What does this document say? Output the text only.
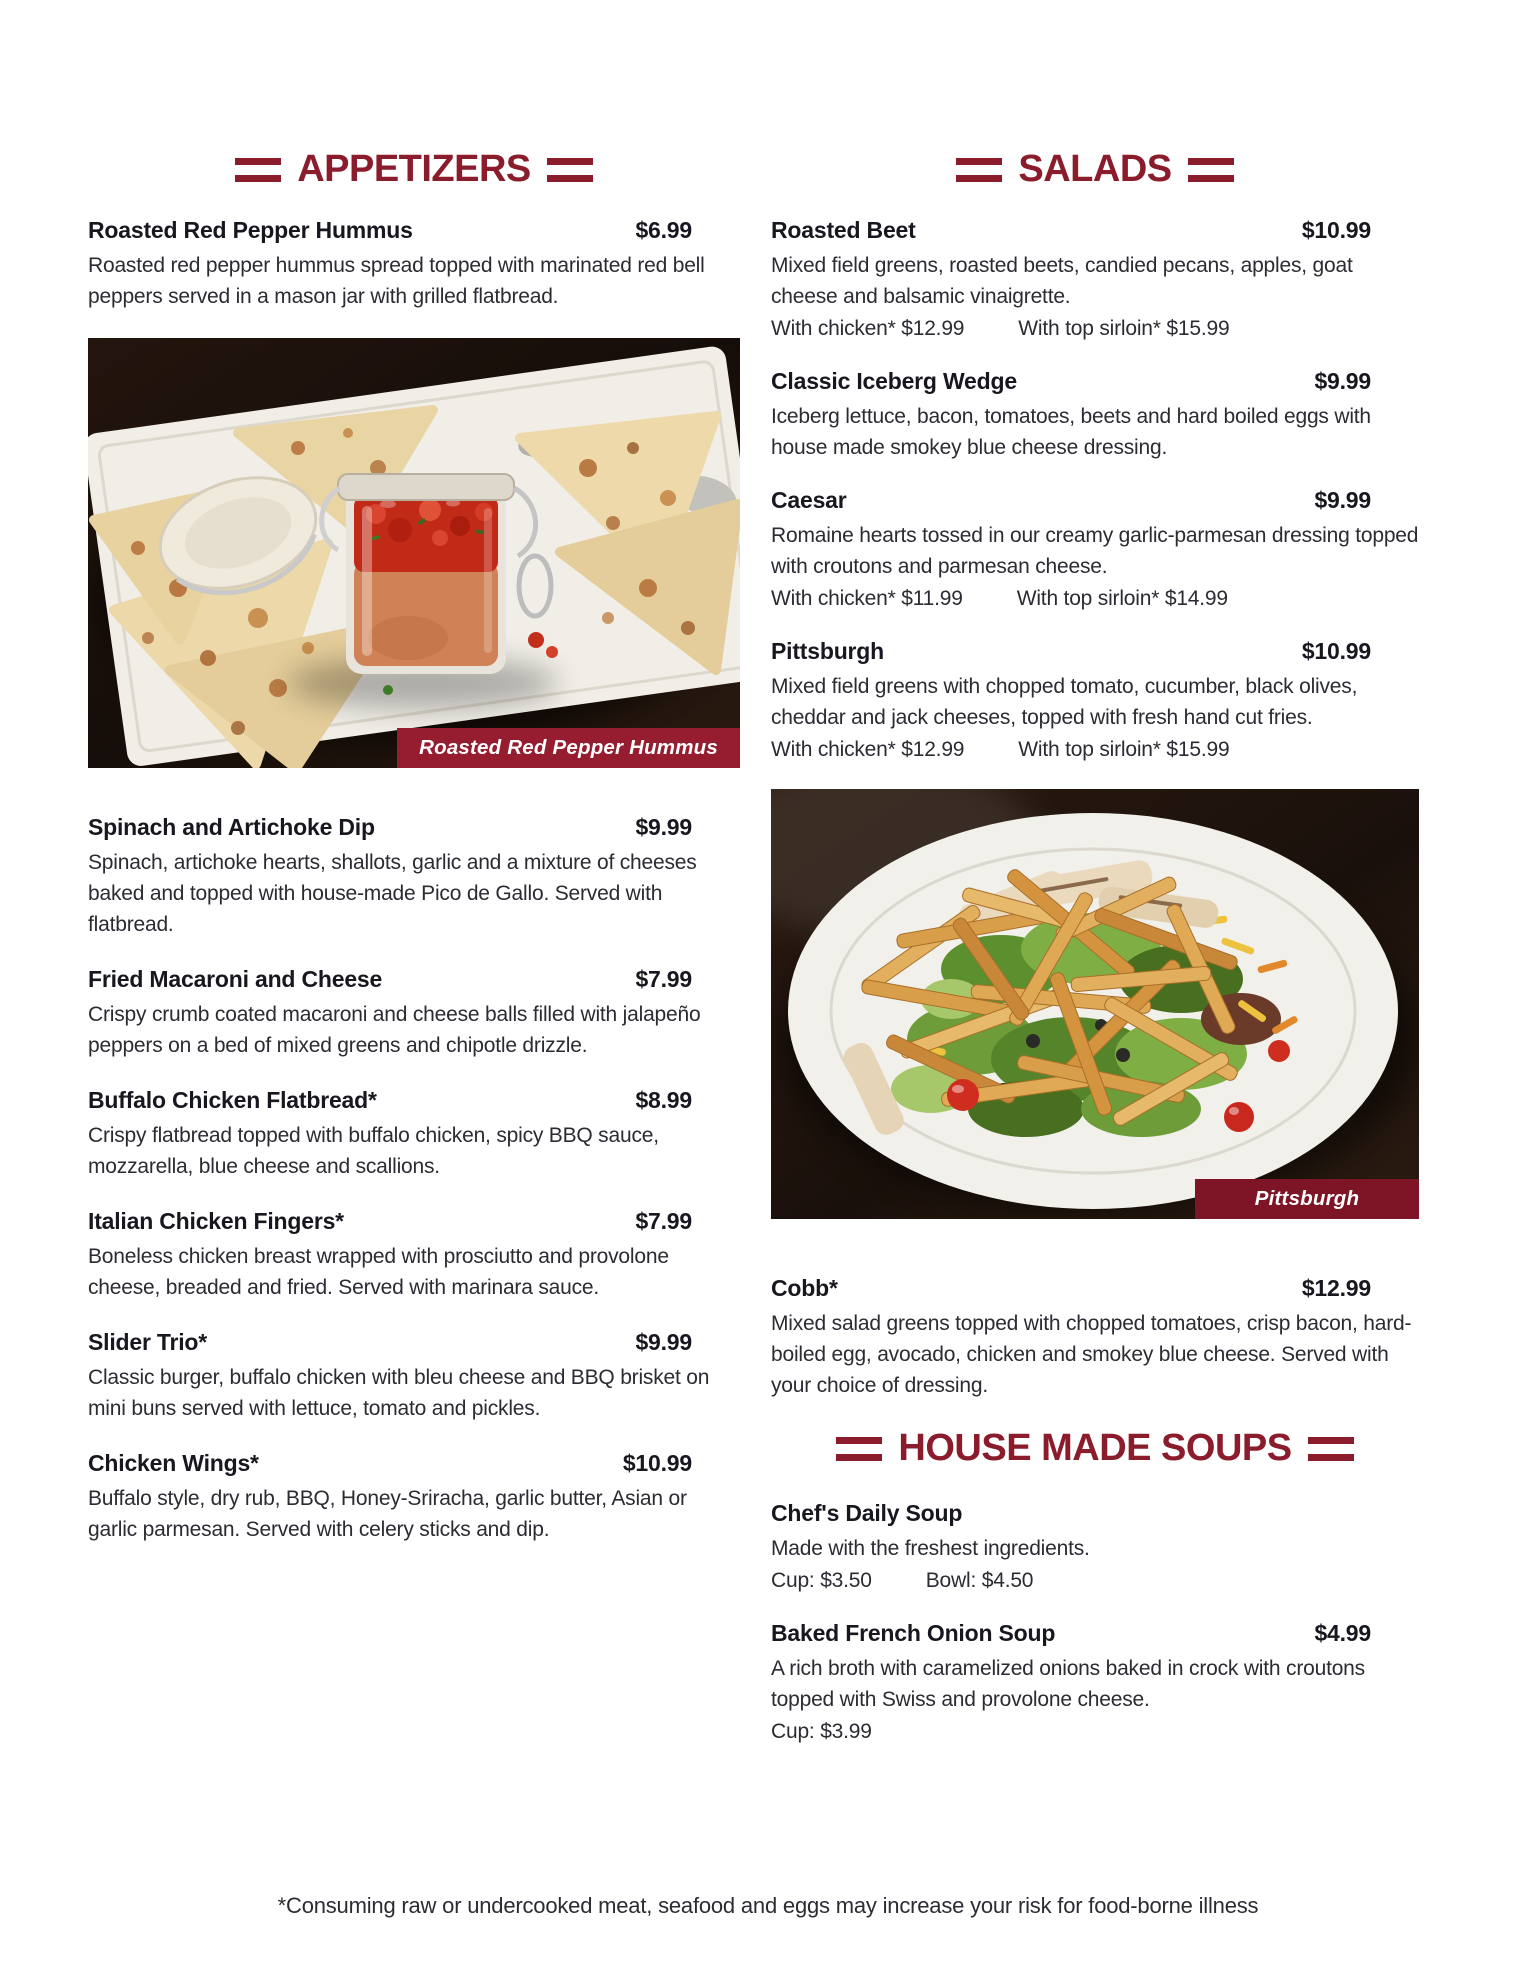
APPETIZERS
Roasted Red Pepper Hummus	$6.99
Roasted red pepper hummus spread topped with marinated red bell peppers served in a mason jar with grilled flatbread.
Roasted Red Pepper Hummus
Spinach and Artichoke Dip	$9.99
Spinach, artichoke hearts, shallots, garlic and a mixture of cheeses baked and topped with house-made Pico de Gallo. Served with flatbread.
Fried Macaroni and Cheese	$7.99
Crispy crumb coated macaroni and cheese balls filled with jalapeño peppers on a bed of mixed greens and chipotle drizzle.
Buffalo Chicken Flatbread*	$8.99
Crispy flatbread topped with buffalo chicken, spicy BBQ sauce, mozzarella, blue cheese and scallions.
Italian Chicken Fingers*	$7.99
Boneless chicken breast wrapped with prosciutto and provolone cheese, breaded and fried. Served with marinara sauce.
Slider Trio*	$9.99
Classic burger, buffalo chicken with bleu cheese and BBQ brisket on mini buns served with lettuce, tomato and pickles.
Chicken Wings*	$10.99
Buffalo style, dry rub, BBQ, Honey-Sriracha, garlic butter, Asian or garlic parmesan. Served with celery sticks and dip.
SALADS
Roasted Beet	$10.99
Mixed field greens, roasted beets, candied pecans, apples, goat cheese and balsamic vinaigrette.
With chicken* $12.99	With top sirloin* $15.99
Classic Iceberg Wedge	$9.99
Iceberg lettuce, bacon, tomatoes, beets and hard boiled eggs with house made smokey blue cheese dressing.
Caesar	$9.99
Romaine hearts tossed in our creamy garlic-parmesan dressing topped with croutons and parmesan cheese.
With chicken* $11.99	With top sirloin* $14.99
Pittsburgh	$10.99
Mixed field greens with chopped tomato, cucumber, black olives, cheddar and jack cheeses, topped with fresh hand cut fries.
With chicken* $12.99	With top sirloin* $15.99
Pittsburgh
Cobb*	$12.99
Mixed salad greens topped with chopped tomatoes, crisp bacon, hard-boiled egg, avocado, chicken and smokey blue cheese. Served with your choice of dressing.
HOUSE MADE SOUPS
Chef's Daily Soup
Made with the freshest ingredients.
Cup: $3.50	Bowl: $4.50
Baked French Onion Soup	$4.99
A rich broth with caramelized onions baked in crock with croutons topped with Swiss and provolone cheese.
Cup: $3.99
*Consuming raw or undercooked meat, seafood and eggs may increase your risk for food-borne illness
